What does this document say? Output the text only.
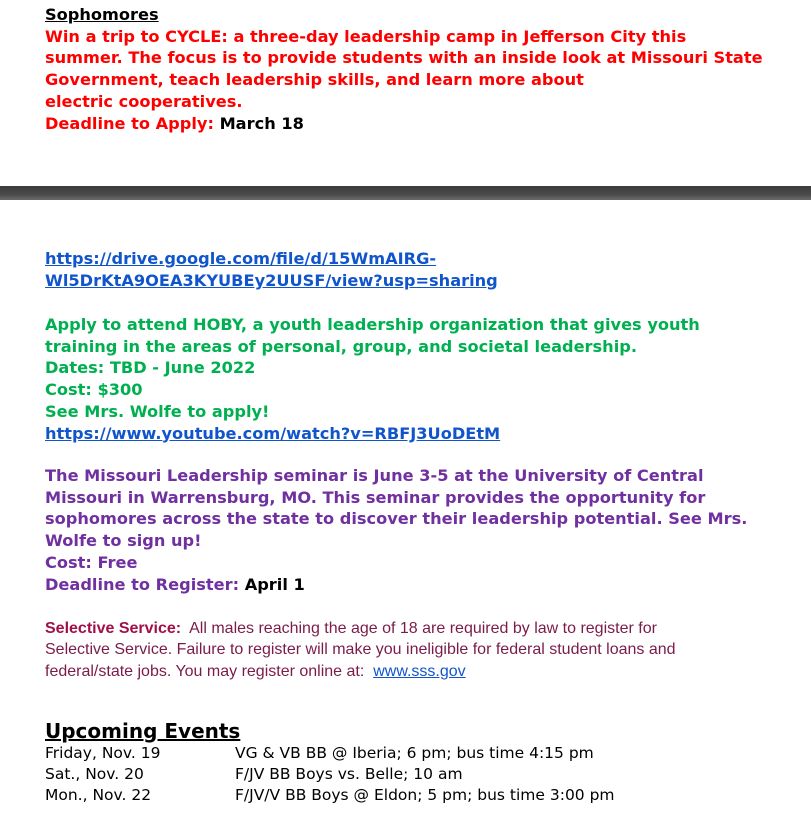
Sophomores
Win a trip to CYCLE: a three-day leadership camp in Jefferson City this
summer. The focus is to provide students with an inside look at Missouri State
Government, teach leadership skills, and learn more about
electric cooperatives.
Deadline to Apply: March 18
https://drive.google.com/file/d/15WmAIRG-
Wl5DrKtA9OEA3KYUBEy2UUSF/view?usp=sharing
Apply to attend HOBY, a youth leadership organization that gives youth
training in the areas of personal, group, and societal leadership.
Dates: TBD - June 2022
Cost: $300
See Mrs. Wolfe to apply!
https://www.youtube.com/watch?v=RBFJ3UoDEtM
The Missouri Leadership seminar is June 3-5 at the University of Central
Missouri in Warrensburg, MO. This seminar provides the opportunity for
sophomores across the state to discover their leadership potential. See Mrs.
Wolfe to sign up!
Cost: Free
Deadline to Register: April 1
Selective Service: All males reaching the age of 18 are required by law to register for
Selective Service. Failure to register will make you ineligible for federal student loans and
federal/state jobs. You may register online at: www.sss.gov
Upcoming Events
Friday, Nov. 19	VG & VB BB @ Iberia; 6 pm; bus time 4:15 pm
Sat., Nov. 20	F/JV BB Boys vs. Belle; 10 am
Mon., Nov. 22	F/JV/V BB Boys @ Eldon; 5 pm; bus time 3:00 pm
